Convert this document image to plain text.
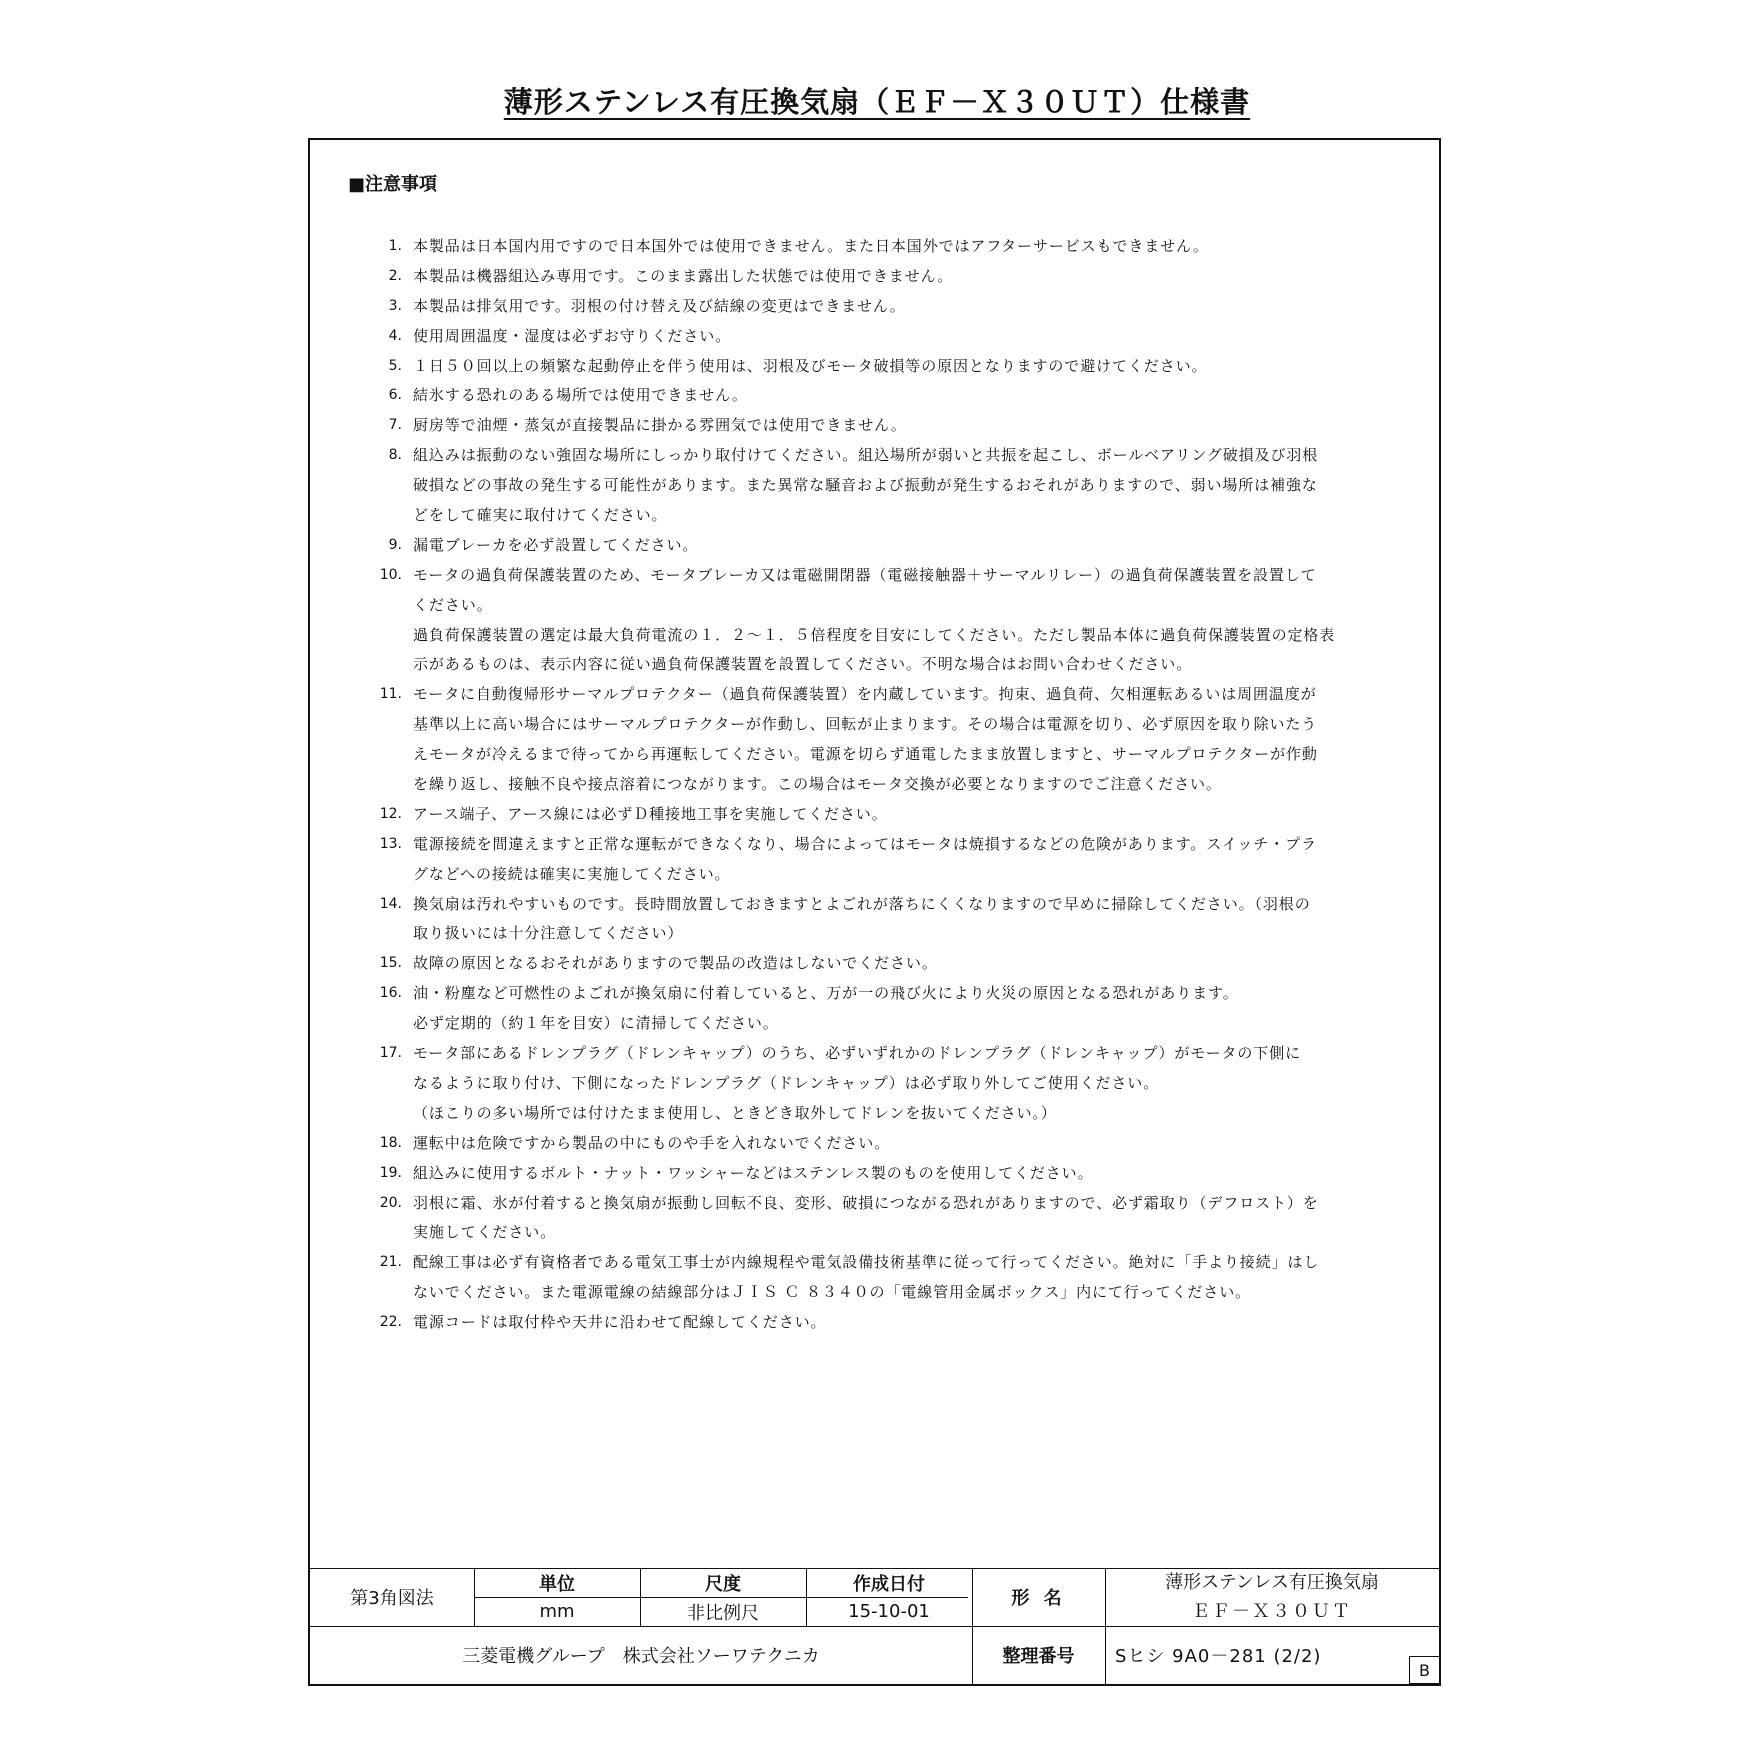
薄形ステンレス有圧換気扇（ＥＦ－Ｘ３０ＵＴ）仕様書
■注意事項
1. 本製品は日本国内用ですので日本国外では使用できません。また日本国外ではアフターサービスもできません。
2. 本製品は機器組込み専用です。このまま露出した状態では使用できません。
3. 本製品は排気用です。羽根の付け替え及び結線の変更はできません。
4. 使用周囲温度・湿度は必ずお守りください。
5. １日５０回以上の頻繁な起動停止を伴う使用は、羽根及びモータ破損等の原因となりますので避けてください。
6. 結氷する恐れのある場所では使用できません。
7. 厨房等で油煙・蒸気が直接製品に掛かる雰囲気では使用できません。
8. 組込みは振動のない強固な場所にしっかり取付けてください。組込場所が弱いと共振を起こし、ボールベアリング破損及び羽根
破損などの事故の発生する可能性があります。また異常な騒音および振動が発生するおそれがありますので、弱い場所は補強な
どをして確実に取付けてください。
9. 漏電ブレーカを必ず設置してください。
10. モータの過負荷保護装置のため、モータブレーカ又は電磁開閉器（電磁接触器＋サーマルリレー）の過負荷保護装置を設置して
ください。
過負荷保護装置の選定は最大負荷電流の１．２～１．５倍程度を目安にしてください。ただし製品本体に過負荷保護装置の定格表
示があるものは、表示内容に従い過負荷保護装置を設置してください。不明な場合はお問い合わせください。
11. モータに自動復帰形サーマルプロテクター（過負荷保護装置）を内蔵しています。拘束、過負荷、欠相運転あるいは周囲温度が
基準以上に高い場合にはサーマルプロテクターが作動し、回転が止まります。その場合は電源を切り、必ず原因を取り除いたう
えモータが冷えるまで待ってから再運転してください。電源を切らず通電したまま放置しますと、サーマルプロテクターが作動
を繰り返し、接触不良や接点溶着につながります。この場合はモータ交換が必要となりますのでご注意ください。
12. アース端子、アース線には必ずＤ種接地工事を実施してください。
13. 電源接続を間違えますと正常な運転ができなくなり、場合によってはモータは焼損するなどの危険があります。スイッチ・プラ
グなどへの接続は確実に実施してください。
14. 換気扇は汚れやすいものです。長時間放置しておきますとよごれが落ちにくくなりますので早めに掃除してください。（羽根の
取り扱いには十分注意してください）
15. 故障の原因となるおそれがありますので製品の改造はしないでください。
16. 油・粉塵など可燃性のよごれが換気扇に付着していると、万が一の飛び火により火災の原因となる恐れがあります。
必ず定期的（約１年を目安）に清掃してください。
17. モータ部にあるドレンプラグ（ドレンキャップ）のうち、必ずいずれかのドレンプラグ（ドレンキャップ）がモータの下側に
なるように取り付け、下側になったドレンプラグ（ドレンキャップ）は必ず取り外してご使用ください。
（ほこりの多い場所では付けたまま使用し、ときどき取外してドレンを抜いてください。）
18. 運転中は危険ですから製品の中にものや手を入れないでください。
19. 組込みに使用するボルト・ナット・ワッシャーなどはステンレス製のものを使用してください。
20. 羽根に霜、氷が付着すると換気扇が振動し回転不良、変形、破損につながる恐れがありますので、必ず霜取り（デフロスト）を
実施してください。
21. 配線工事は必ず有資格者である電気工事士が内線規程や電気設備技術基準に従って行ってください。絶対に「手より接続」はし
ないでください。また電源電線の結線部分はＪＩＳ Ｃ ８３４０の「電線管用金属ボックス」内にて行ってください。
22. 電源コードは取付枠や天井に沿わせて配線してください。
第3角図法
単位
mm
尺度
非比例尺
作成日付
15-10-01
形 名
薄形ステンレス有圧換気扇
ＥＦ－Ｘ３０ＵＴ
三菱電機グループ　株式会社ソーワテクニカ	整理番号	Sヒシ 9A0－281 (2/2)
B
